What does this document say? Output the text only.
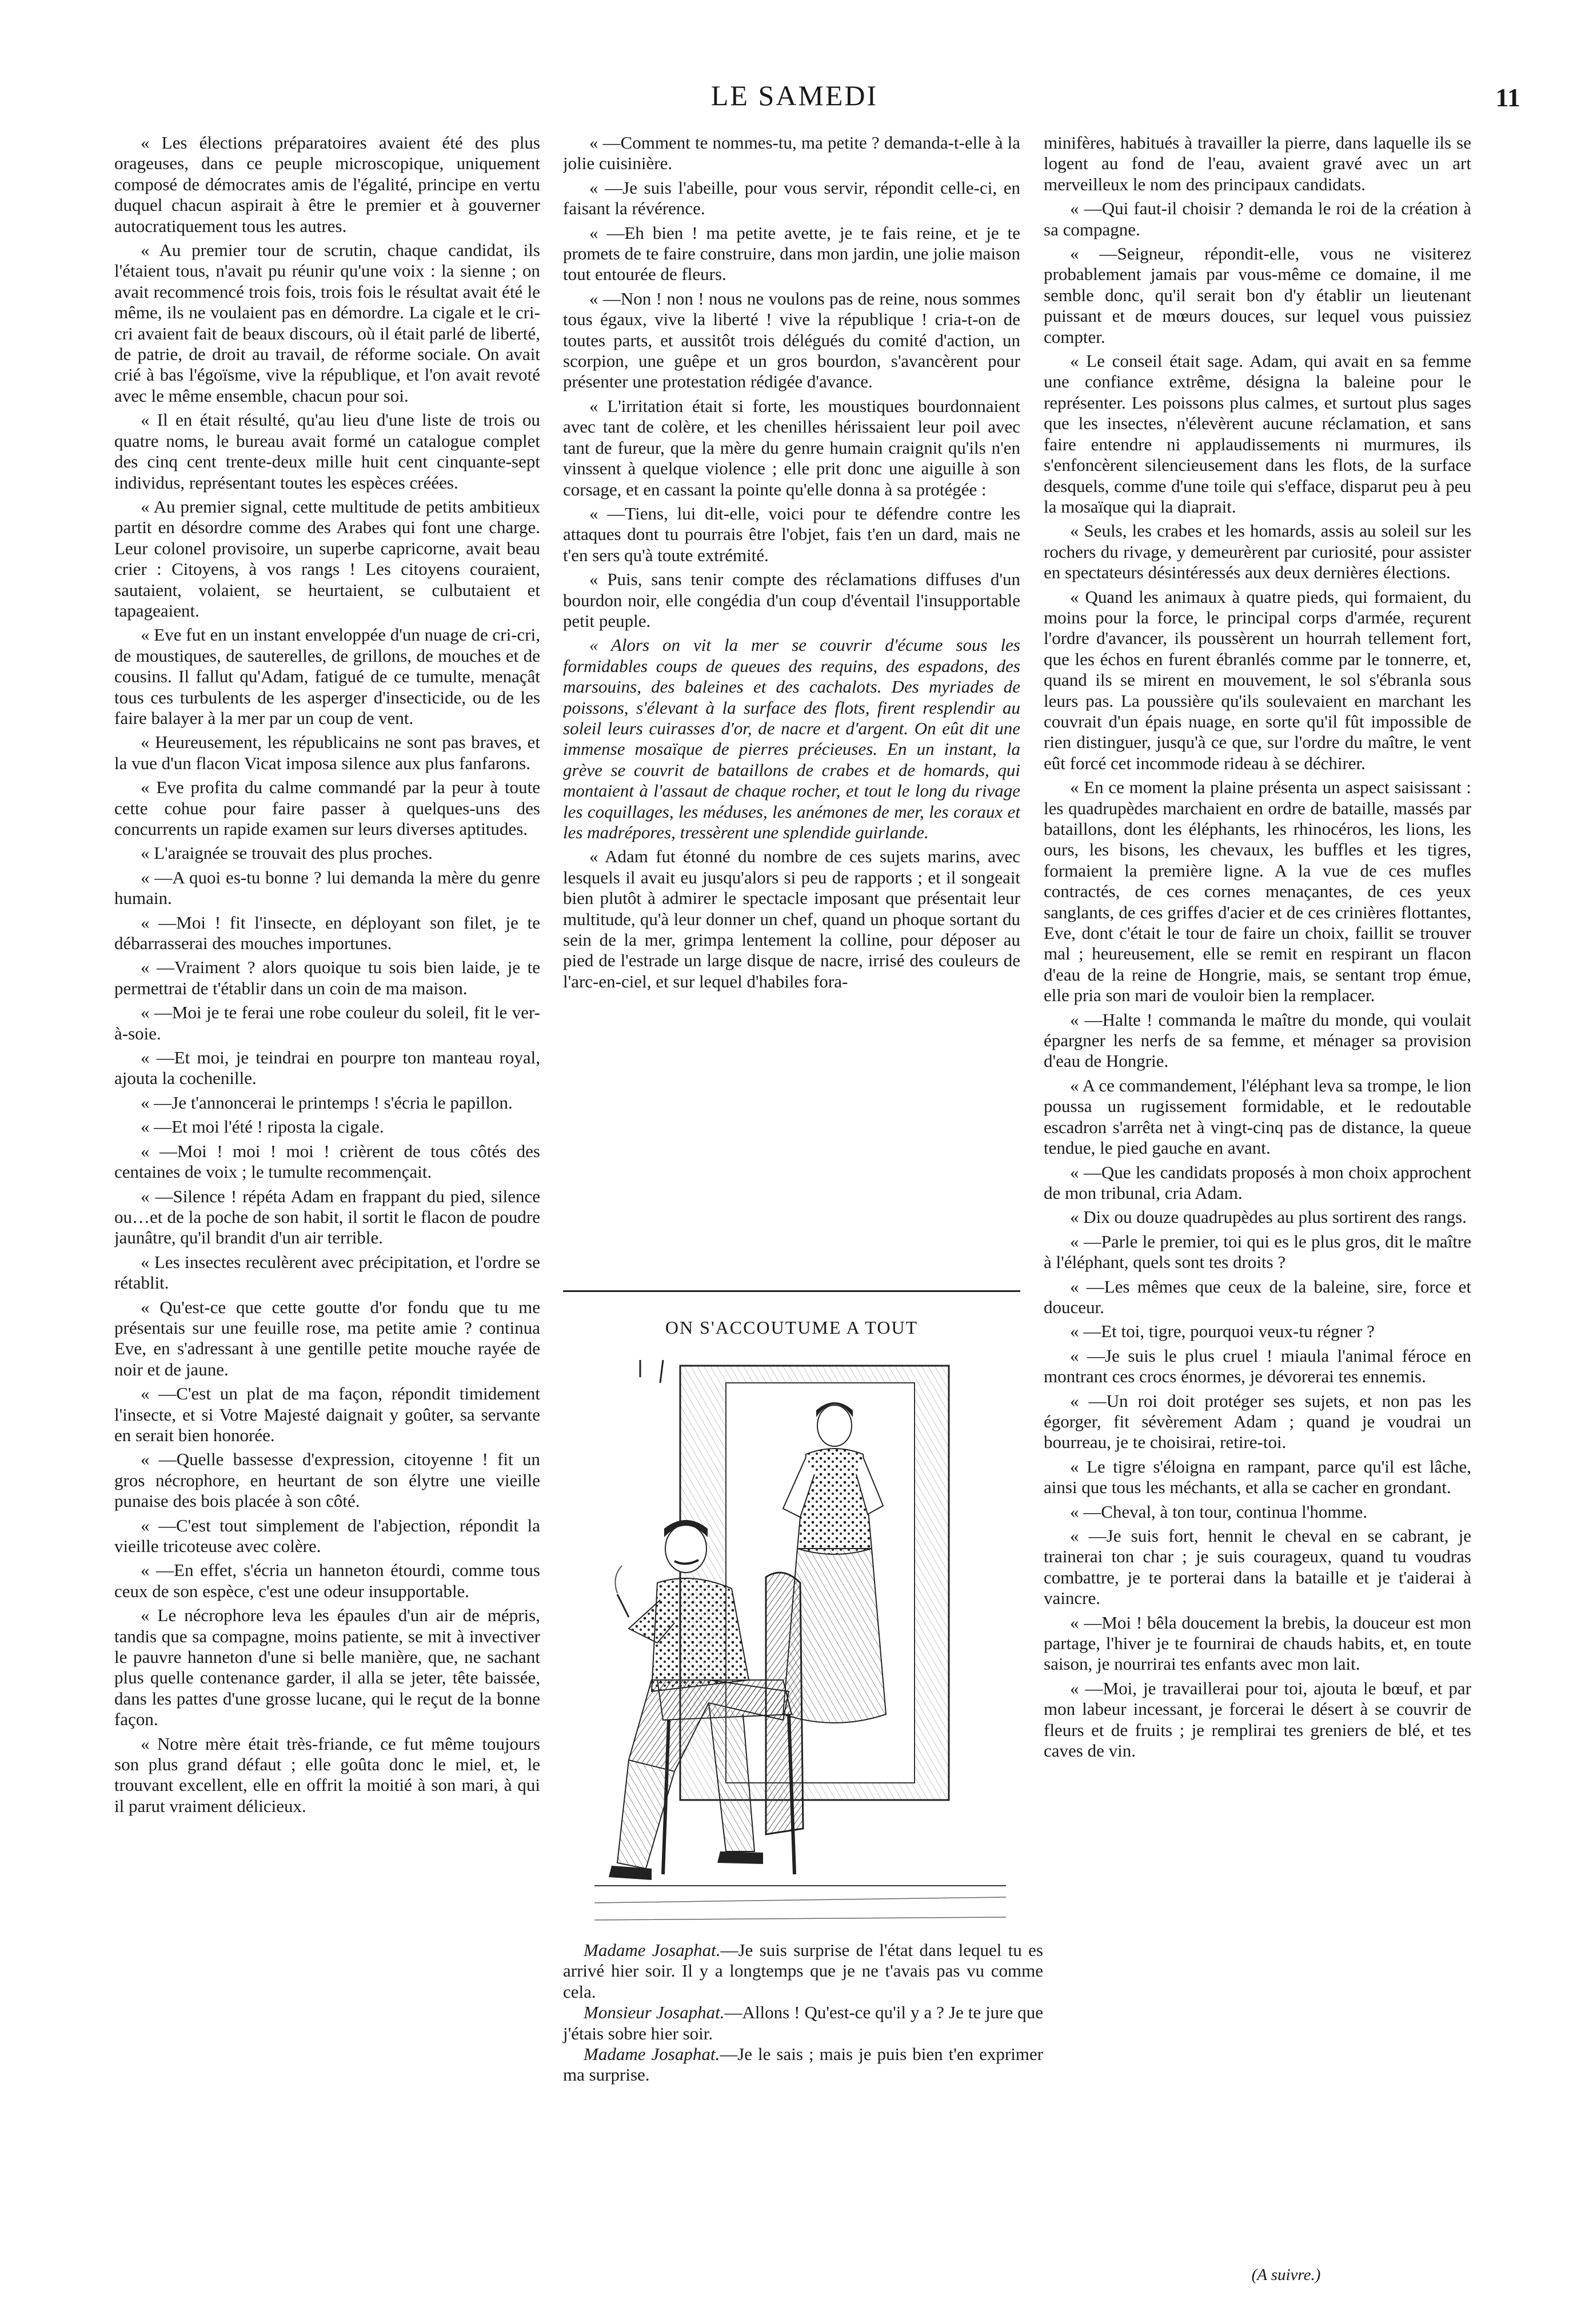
LE SAMEDI	11

« Les élections préparatoires avaient été des plus orageuses, dans ce peuple microscopique, uniquement composé de démocrates amis de l'égalité, principe en vertu duquel chacun aspirait à être le premier et à gouverner autocratiquement tous les autres.

« Au premier tour de scrutin, chaque candidat, ils l'étaient tous, n'avait pu réunir qu'une voix : la sienne ; on avait recommencé trois fois, trois fois le résultat avait été le même, ils ne voulaient pas en démordre. La cigale et le cri-cri avaient fait de beaux discours, où il était parlé de liberté, de patrie, de droit au travail, de réforme sociale. On avait crié à bas l'égoïsme, vive la république, et l'on avait revoté avec le même ensemble, chacun pour soi.

« Il en était résulté, qu'au lieu d'une liste de trois ou quatre noms, le bureau avait formé un catalogue complet des cinq cent trente-deux mille huit cent cinquante-sept individus, représentant toutes les espèces créées.

« Au premier signal, cette multitude de petits ambitieux partit en désordre comme des Arabes qui font une charge. Leur colonel provisoire, un superbe capricorne, avait beau crier : Citoyens, à vos rangs ! Les citoyens couraient, sautaient, volaient, se heurtaient, se culbutaient et tapageaient.

« Eve fut en un instant enveloppée d'un nuage de cri-cri, de moustiques, de sauterelles, de grillons, de mouches et de cousins. Il fallut qu'Adam, fatigué de ce tumulte, menaçât tous ces turbulents de les asperger d'insecticide, ou de les faire balayer à la mer par un coup de vent.

« Heureusement, les républicains ne sont pas braves, et la vue d'un flacon Vicat imposa silence aux plus fanfarons.

« Eve profita du calme commandé par la peur à toute cette cohue pour faire passer à quelques-uns des concurrents un rapide examen sur leurs diverses aptitudes.

« L'araignée se trouvait des plus proches.

« —A quoi es-tu bonne ? lui demanda la mère du genre humain.

« —Moi ! fit l'insecte, en déployant son filet, je te débarrasserai des mouches importunes.

« —Vraiment ? alors quoique tu sois bien laide, je te permettrai de t'établir dans un coin de ma maison.

« —Moi je te ferai une robe couleur du soleil, fit le ver-à-soie.

« —Et moi, je teindrai en pourpre ton manteau royal, ajouta la cochenille.

« —Je t'annoncerai le printemps ! s'écria le papillon.

« —Et moi l'été ! riposta la cigale.

« —Moi ! moi ! moi ! crièrent de tous côtés des centaines de voix ; le tumulte recommençait.

« —Silence ! répéta Adam en frappant du pied, silence ou…et de la poche de son habit, il sortit le flacon de poudre jaunâtre, qu'il brandit d'un air terrible.

« Les insectes reculèrent avec précipitation, et l'ordre se rétablit.

« Qu'est-ce que cette goutte d'or fondu que tu me présentais sur une feuille rose, ma petite amie ? continua Eve, en s'adressant à une gentille petite mouche rayée de noir et de jaune.

« —C'est un plat de ma façon, répondit timidement l'insecte, et si Votre Majesté daignait y goûter, sa servante en serait bien honorée.

« —Quelle bassesse d'expression, citoyenne ! fit un gros nécrophore, en heurtant de son élytre une vieille punaise des bois placée à son côté.

« —C'est tout simplement de l'abjection, répondit la vieille tricoteuse avec colère.

« —En effet, s'écria un hanneton étourdi, comme tous ceux de son espèce, c'est une odeur insupportable.

« Le nécrophore leva les épaules d'un air de mépris, tandis que sa compagne, moins patiente, se mit à invectiver le pauvre hanneton d'une si belle manière, que, ne sachant plus quelle contenance garder, il alla se jeter, tête baissée, dans les pattes d'une grosse lucane, qui le reçut de la bonne façon.

« Notre mère était très-friande, ce fut même toujours son plus grand défaut ; elle goûta donc le miel, et, le trouvant excellent, elle en offrit la moitié à son mari, à qui il parut vraiment délicieux.

« —Comment te nommes-tu, ma petite ? demanda-t-elle à la jolie cuisinière.

« —Je suis l'abeille, pour vous servir, répondit celle-ci, en faisant la révérence.

« —Eh bien ! ma petite avette, je te fais reine, et je te promets de te faire construire, dans mon jardin, une jolie maison tout entourée de fleurs.

« —Non ! non ! nous ne voulons pas de reine, nous sommes tous égaux, vive la liberté ! vive la république ! cria-t-on de toutes parts, et aussitôt trois délégués du comité d'action, un scorpion, une guêpe et un gros bourdon, s'avancèrent pour présenter une protestation rédigée d'avance.

« L'irritation était si forte, les moustiques bourdonnaient avec tant de colère, et les chenilles hérissaient leur poil avec tant de fureur, que la mère du genre humain craignit qu'ils n'en vinssent à quelque violence ; elle prit donc une aiguille à son corsage, et en cassant la pointe qu'elle donna à sa protégée :

« —Tiens, lui dit-elle, voici pour te défendre contre les attaques dont tu pourrais être l'objet, fais t'en un dard, mais ne t'en sers qu'à toute extrémité.

« Puis, sans tenir compte des réclamations diffuses d'un bourdon noir, elle congédia d'un coup d'éventail l'insupportable petit peuple.

« Alors on vit la mer se couvrir d'écume sous les formidables coups de queues des requins, des espadons, des marsouins, des baleines et des cachalots. Des myriades de poissons, s'élevant à la surface des flots, firent resplendir au soleil leurs cuirasses d'or, de nacre et d'argent. On eût dit une immense mosaïque de pierres précieuses. En un instant, la grève se couvrit de bataillons de crabes et de homards, qui montaient à l'assaut de chaque rocher, et tout le long du rivage les coquillages, les méduses, les anémones de mer, les coraux et les madrépores, tressèrent une splendide guirlande.

« Adam fut étonné du nombre de ces sujets marins, avec lesquels il avait eu jusqu'alors si peu de rapports ; et il songeait bien plutôt à admirer le spectacle imposant que présentait leur multitude, qu'à leur donner un chef, quand un phoque sortant du sein de la mer, grimpa lentement la colline, pour déposer au pied de l'estrade un large disque de nacre, irrisé des couleurs de l'arc-en-ciel, et sur lequel d'habiles fora-

ON S'ACCOUTUME A TOUT

Madame Josaphat.—Je suis surprise de l'état dans lequel tu es arrivé hier soir. Il y a longtemps que je ne t'avais pas vu comme cela.

Monsieur Josaphat.—Allons ! Qu'est-ce qu'il y a ? Je te jure que j'étais sobre hier soir.

Madame Josaphat.—Je le sais ; mais je puis bien t'en exprimer ma surprise.

minifères, habitués à travailler la pierre, dans laquelle ils se logent au fond de l'eau, avaient gravé avec un art merveilleux le nom des principaux candidats.

« —Qui faut-il choisir ? demanda le roi de la création à sa compagne.

« —Seigneur, répondit-elle, vous ne visiterez probablement jamais par vous-même ce domaine, il me semble donc, qu'il serait bon d'y établir un lieutenant puissant et de mœurs douces, sur lequel vous puissiez compter.

« Le conseil était sage. Adam, qui avait en sa femme une confiance extrême, désigna la baleine pour le représenter. Les poissons plus calmes, et surtout plus sages que les insectes, n'élevèrent aucune réclamation, et sans faire entendre ni applaudissements ni murmures, ils s'enfoncèrent silencieusement dans les flots, de la surface desquels, comme d'une toile qui s'efface, disparut peu à peu la mosaïque qui la diaprait.

« Seuls, les crabes et les homards, assis au soleil sur les rochers du rivage, y demeurèrent par curiosité, pour assister en spectateurs désintéressés aux deux dernières élections.

« Quand les animaux à quatre pieds, qui formaient, du moins pour la force, le principal corps d'armée, reçurent l'ordre d'avancer, ils poussèrent un hourrah tellement fort, que les échos en furent ébranlés comme par le tonnerre, et, quand ils se mirent en mouvement, le sol s'ébranla sous leurs pas. La poussière qu'ils soulevaient en marchant les couvrait d'un épais nuage, en sorte qu'il fût impossible de rien distinguer, jusqu'à ce que, sur l'ordre du maître, le vent eût forcé cet incommode rideau à se déchirer.

« En ce moment la plaine présenta un aspect saisissant : les quadrupèdes marchaient en ordre de bataille, massés par bataillons, dont les éléphants, les rhinocéros, les lions, les ours, les bisons, les chevaux, les buffles et les tigres, formaient la première ligne. A la vue de ces mufles contractés, de ces cornes menaçantes, de ces yeux sanglants, de ces griffes d'acier et de ces crinières flottantes, Eve, dont c'était le tour de faire un choix, faillit se trouver mal ; heureusement, elle se remit en respirant un flacon d'eau de la reine de Hongrie, mais, se sentant trop émue, elle pria son mari de vouloir bien la remplacer.

« —Halte ! commanda le maître du monde, qui voulait épargner les nerfs de sa femme, et ménager sa provision d'eau de Hongrie.

« A ce commandement, l'éléphant leva sa trompe, le lion poussa un rugissement formidable, et le redoutable escadron s'arrêta net à vingt-cinq pas de distance, la queue tendue, le pied gauche en avant.

« —Que les candidats proposés à mon choix approchent de mon tribunal, cria Adam.

« Dix ou douze quadrupèdes au plus sortirent des rangs.

« —Parle le premier, toi qui es le plus gros, dit le maître à l'éléphant, quels sont tes droits ?

« —Les mêmes que ceux de la baleine, sire, force et douceur.

« —Et toi, tigre, pourquoi veux-tu régner ?

« —Je suis le plus cruel ! miaula l'animal féroce en montrant ces crocs énormes, je dévorerai tes ennemis.

« —Un roi doit protéger ses sujets, et non pas les égorger, fit sévèrement Adam ; quand je voudrai un bourreau, je te choisirai, retire-toi.

« Le tigre s'éloigna en rampant, parce qu'il est lâche, ainsi que tous les méchants, et alla se cacher en grondant.

« —Cheval, à ton tour, continua l'homme.

« —Je suis fort, hennit le cheval en se cabrant, je trainerai ton char ; je suis courageux, quand tu voudras combattre, je te porterai dans la bataille et je t'aiderai à vaincre.

« —Moi ! bêla doucement la brebis, la douceur est mon partage, l'hiver je te fournirai de chauds habits, et, en toute saison, je nourrirai tes enfants avec mon lait.

« —Moi, je travaillerai pour toi, ajouta le bœuf, et par mon labeur incessant, je forcerai le désert à se couvrir de fleurs et de fruits ; je remplirai tes greniers de blé, et tes caves de vin.

(A suivre.)
